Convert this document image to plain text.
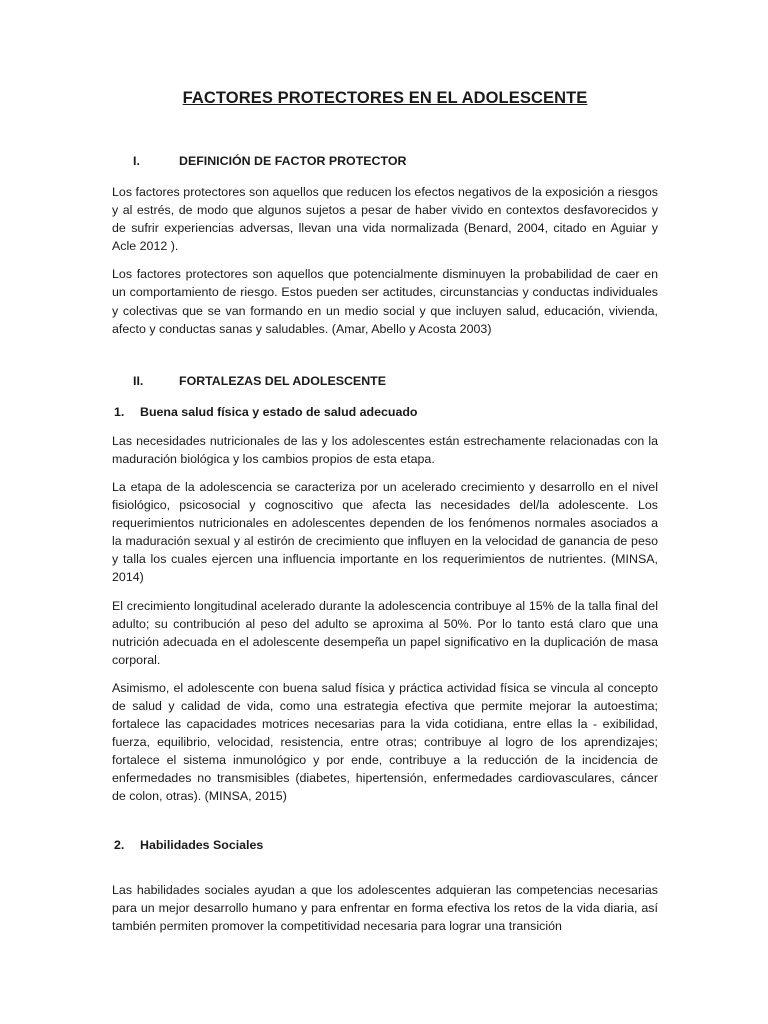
FACTORES PROTECTORES EN EL ADOLESCENTE
I.	DEFINICIÓN DE FACTOR PROTECTOR

Los factores protectores son aquellos que reducen los efectos negativos de la exposición a riesgos y al estrés, de modo que algunos sujetos a pesar de haber vivido en contextos desfavorecidos y de sufrir experiencias adversas, llevan una vida normalizada (Benard, 2004, citado en Aguiar y Acle 2012 ).

Los factores protectores son aquellos que potencialmente disminuyen la probabilidad de caer en un comportamiento de riesgo. Estos pueden ser actitudes, circunstancias y conductas individuales y colectivas que se van formando en un medio social y que incluyen salud, educación, vivienda, afecto y conductas sanas y saludables. (Amar, Abello y Acosta 2003)

II.	FORTALEZAS DEL ADOLESCENTE
1.	Buena salud física y estado de salud adecuado

Las necesidades nutricionales de las y los adolescentes están estrechamente relacionadas con la maduración biológica y los cambios propios de esta etapa.

La etapa de la adolescencia se caracteriza por un acelerado crecimiento y desarrollo en el nivel fisiológico, psicosocial y cognoscitivo que afecta las necesidades del/la adolescente. Los requerimientos nutricionales en adolescentes dependen de los fenómenos normales asociados a la maduración sexual y al estirón de crecimiento que influyen en la velocidad de ganancia de peso y talla los cuales ejercen una influencia importante en los requerimientos de nutrientes. (MINSA, 2014)

El crecimiento longitudinal acelerado durante la adolescencia contribuye al 15% de la talla final del adulto; su contribución al peso del adulto se aproxima al 50%. Por lo tanto está claro que una nutrición adecuada en el adolescente desempeña un papel significativo en la duplicación de masa corporal.

Asimismo, el adolescente con buena salud física y práctica actividad física se vincula al concepto de salud y calidad de vida, como una estrategia efectiva que permite mejorar la autoestima; fortalece las capacidades motrices necesarias para la vida cotidiana, entre ellas la - exibilidad, fuerza, equilibrio, velocidad, resistencia, entre otras; contribuye al logro de los aprendizajes; fortalece el sistema inmunológico y por ende, contribuye a la reducción de la incidencia de enfermedades no transmisibles (diabetes, hipertensión, enfermedades cardiovasculares, cáncer de colon, otras). (MINSA, 2015)

2.	Habilidades Sociales

Las habilidades sociales ayudan a que los adolescentes adquieran las competencias necesarias para un mejor desarrollo humano y para enfrentar en forma efectiva los retos de la vida diaria, así también permiten promover la competitividad necesaria para lograr una transición
